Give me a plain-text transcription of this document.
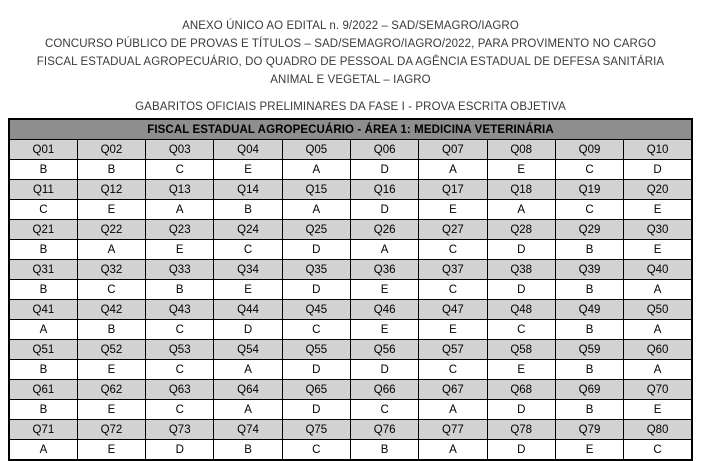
ANEXO ÚNICO AO EDITAL n. 9/2022 – SAD/SEMAGRO/IAGRO
CONCURSO PÚBLICO DE PROVAS E TÍTULOS – SAD/SEMAGRO/IAGRO/2022, PARA PROVIMENTO NO CARGO
FISCAL ESTADUAL AGROPECUÁRIO, DO QUADRO DE PESSOAL DA AGÊNCIA ESTADUAL DE DEFESA SANITÁRIA
ANIMAL E VEGETAL – IAGRO
GABARITOS OFICIAIS PRELIMINARES DA FASE I - PROVA ESCRITA OBJETIVA
FISCAL ESTADUAL AGROPECUÁRIO - ÁREA 1: MEDICINA VETERINÁRIA									
Q01	Q02	Q03	Q04	Q05	Q06	Q07	Q08	Q09	Q10
B	B	C	E	A	D	A	E	C	D
Q11	Q12	Q13	Q14	Q15	Q16	Q17	Q18	Q19	Q20
C	E	A	B	A	D	E	A	C	E
Q21	Q22	Q23	Q24	Q25	Q26	Q27	Q28	Q29	Q30
B	A	E	C	D	A	C	D	B	E
Q31	Q32	Q33	Q34	Q35	Q36	Q37	Q38	Q39	Q40
B	C	B	E	D	E	C	D	B	A
Q41	Q42	Q43	Q44	Q45	Q46	Q47	Q48	Q49	Q50
A	B	C	D	C	E	E	C	B	A
Q51	Q52	Q53	Q54	Q55	Q56	Q57	Q58	Q59	Q60
B	E	C	A	D	D	C	E	B	A
Q61	Q62	Q63	Q64	Q65	Q66	Q67	Q68	Q69	Q70
B	E	C	A	D	C	A	D	B	E
Q71	Q72	Q73	Q74	Q75	Q76	Q77	Q78	Q79	Q80
A	E	D	B	C	B	A	D	E	C
